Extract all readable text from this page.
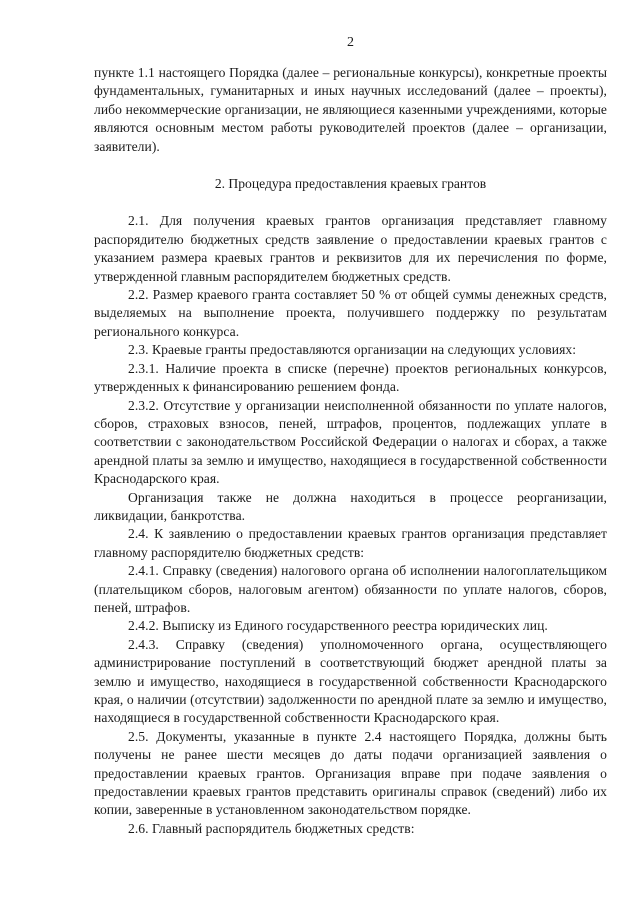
2

пункте 1.1 настоящего Порядка (далее – региональные конкурсы), конкретные проекты фундаментальных, гуманитарных и иных научных исследований (далее – проекты), либо некоммерческие организации, не являющиеся казенными учреждениями, которые являются основным местом работы руководителей проектов (далее – организации, заявители).

2. Процедура предоставления краевых грантов

2.1. Для получения краевых грантов организация представляет главному распорядителю бюджетных средств заявление о предоставлении краевых грантов с указанием размера краевых грантов и реквизитов для их перечисления по форме, утвержденной главным распорядителем бюджетных средств.

2.2. Размер краевого гранта составляет 50 % от общей суммы денежных средств, выделяемых на выполнение проекта, получившего поддержку по результатам регионального конкурса.

2.3. Краевые гранты предоставляются организации на следующих условиях:

2.3.1. Наличие проекта в списке (перечне) проектов региональных конкурсов, утвержденных к финансированию решением фонда.

2.3.2. Отсутствие у организации неисполненной обязанности по уплате налогов, сборов, страховых взносов, пеней, штрафов, процентов, подлежащих уплате в соответствии с законодательством Российской Федерации о налогах и сборах, а также арендной платы за землю и имущество, находящиеся в государственной собственности Краснодарского края.

Организация также не должна находиться в процессе реорганизации, ликвидации, банкротства.

2.4. К заявлению о предоставлении краевых грантов организация представляет главному распорядителю бюджетных средств:

2.4.1. Справку (сведения) налогового органа об исполнении налогоплательщиком (плательщиком сборов, налоговым агентом) обязанности по уплате налогов, сборов, пеней, штрафов.

2.4.2. Выписку из Единого государственного реестра юридических лиц.

2.4.3. Справку (сведения) уполномоченного органа, осуществляющего администрирование поступлений в соответствующий бюджет арендной платы за землю и имущество, находящиеся в государственной собственности Краснодарского края, о наличии (отсутствии) задолженности по арендной плате за землю и имущество, находящиеся в государственной собственности Краснодарского края.

2.5. Документы, указанные в пункте 2.4 настоящего Порядка, должны быть получены не ранее шести месяцев до даты подачи организацией заявления о предоставлении краевых грантов. Организация вправе при подаче заявления о предоставлении краевых грантов представить оригиналы справок (сведений) либо их копии, заверенные в установленном законодательством порядке.

2.6. Главный распорядитель бюджетных средств:
